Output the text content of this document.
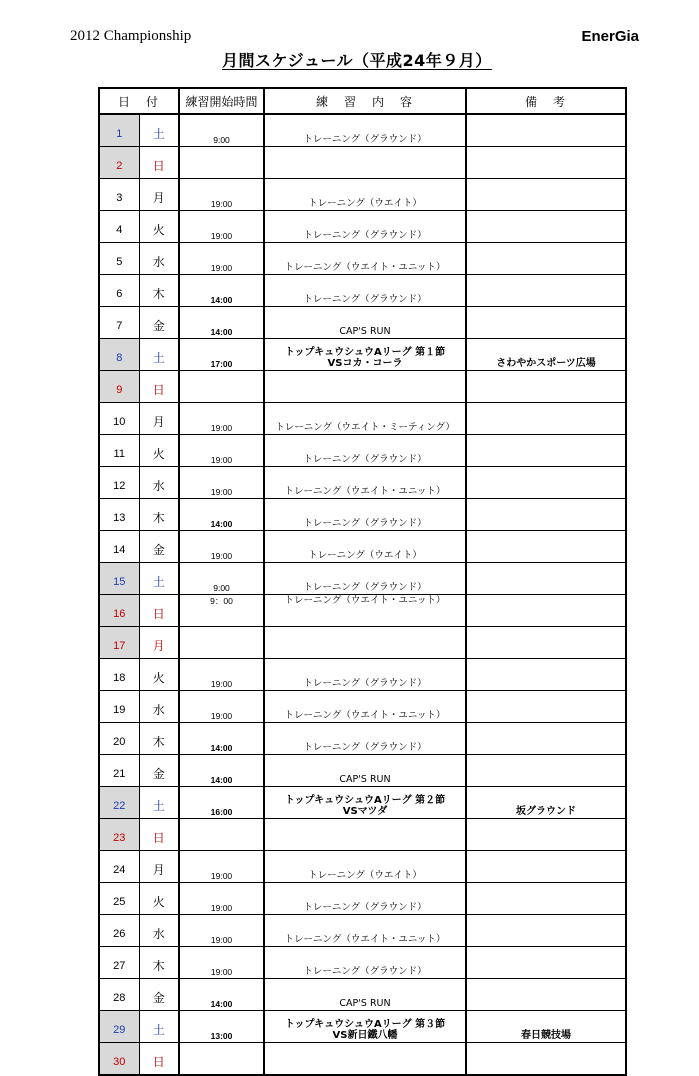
2012 Championship	EnerGia
月間スケジュール（平成24年９月）
日　付		練習開始時間	練　習　内　容	備　考
1	土	9:00	トレーニング（グラウンド）	

2	日			
3	月	19:00	トレーニング（ウエイト）	

4	火	19:00	トレーニング（グラウンド）	

5	水	19:00	トレーニング（ウエイト・ユニット）	

6	木	14:00	トレーニング（グラウンド）	

7	金	14:00	CAP'S RUN	

8	土	17:00	トップキュウシュウAリーグ 第１節
VSコカ・コーラ	さわやかスポーツ広場
9	日			
10	月	19:00	トレーニング（ウエイト・ミーティング）	

11	火	19:00	トレーニング（グラウンド）	

12	水	19:00	トレーニング（ウエイト・ユニット）	

13	木	14:00	トレーニング（グラウンド）	

14	金	19:00	トレーニング（ウエイト）	

15	土	9:00	トレーニング（グラウンド）	

16	日	9：00	トレーニング（ウエイト・ユニット）	

17	月			
18	火	19:00	トレーニング（グラウンド）	

19	水	19:00	トレーニング（ウエイト・ユニット）	

20	木	14:00	トレーニング（グラウンド）	

21	金	14:00	CAP'S RUN	

22	土	16:00	トップキュウシュウAリーグ 第２節
VSマツダ	坂グラウンド
23	日			
24	月	19:00	トレーニング（ウエイト）	

25	火	19:00	トレーニング（グラウンド）	

26	水	19:00	トレーニング（ウエイト・ユニット）	

27	木	19:00	トレーニング（グラウンド）	

28	金	14:00	CAP'S RUN	

29	土	13:00	トップキュウシュウAリーグ 第３節
VS新日鐵八幡	春日競技場
30	日			
